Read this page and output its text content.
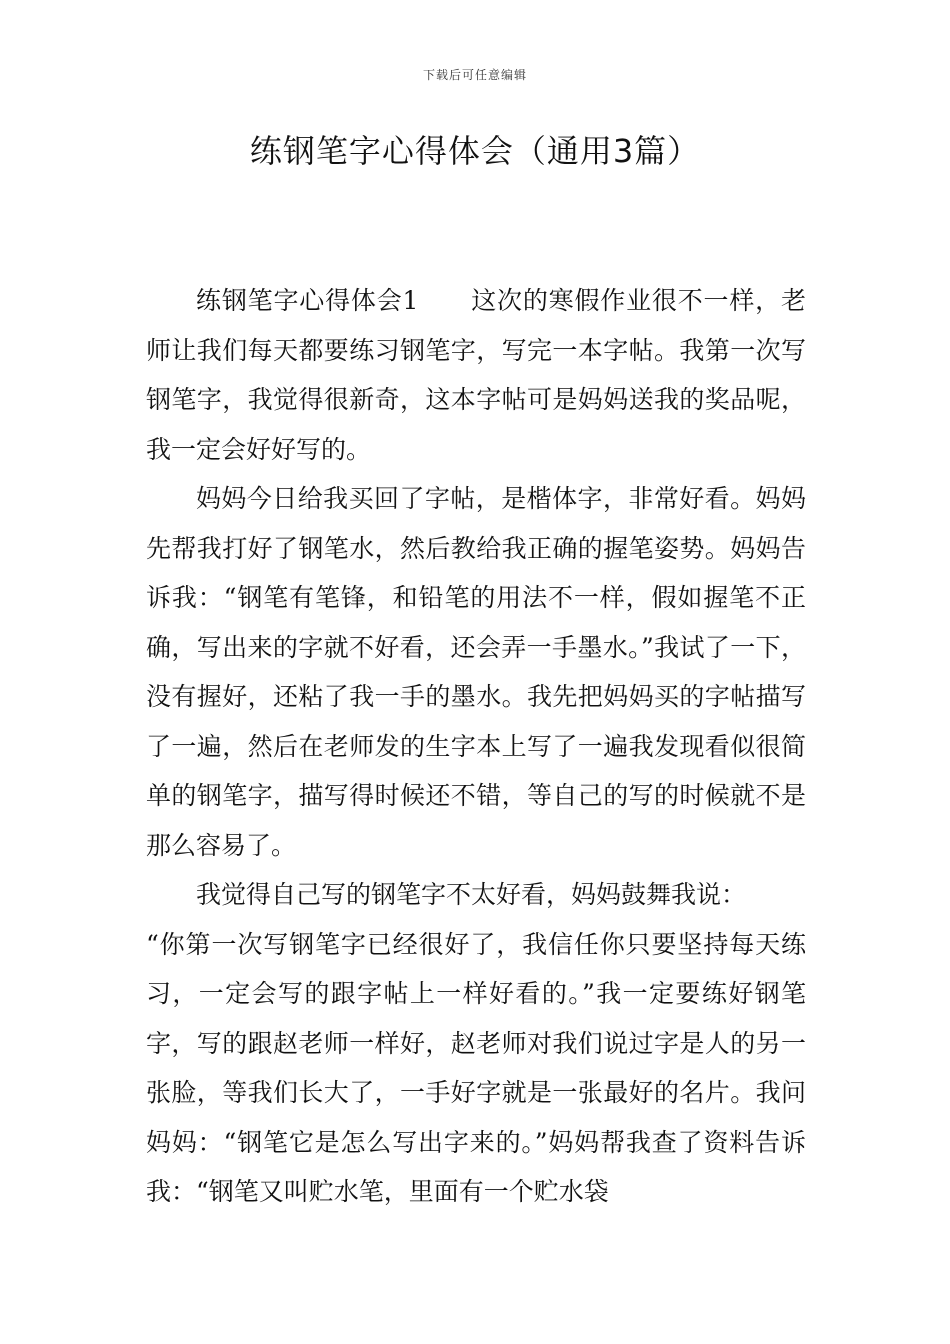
下载后可任意编辑
练钢笔字心得体会（通用3篇）

练钢笔字心得体会1 这次的寒假作业很不一样，老师让我们每天都要练习钢笔字，写完一本字帖。我第一次写钢笔字，我觉得很新奇，这本字帖可是妈妈送我的奖品呢，我一定会好好写的。

妈妈今日给我买回了字帖，是楷体字，非常好看。妈妈先帮我打好了钢笔水，然后教给我正确的握笔姿势。妈妈告诉我：“钢笔有笔锋，和铅笔的用法不一样，假如握笔不正确，写出来的字就不好看，还会弄一手墨水。”我试了一下，没有握好，还粘了我一手的墨水。我先把妈妈买的字帖描写了一遍，然后在老师发的生字本上写了一遍我发现看似很简单的钢笔字，描写得时候还不错，等自己的写的时候就不是那么容易了。

我觉得自己写的钢笔字不太好看，妈妈鼓舞我说：

“你第一次写钢笔字已经很好了，我信任你只要坚持每天练习，一定会写的跟字帖上一样好看的。”我一定要练好钢笔字，写的跟赵老师一样好，赵老师对我们说过字是人的另一张脸，等我们长大了，一手好字就是一张最好的名片。我问妈妈：“钢笔它是怎么写出字来的。”妈妈帮我查了资料告诉我：“钢笔又叫贮水笔，里面有一个贮水袋
